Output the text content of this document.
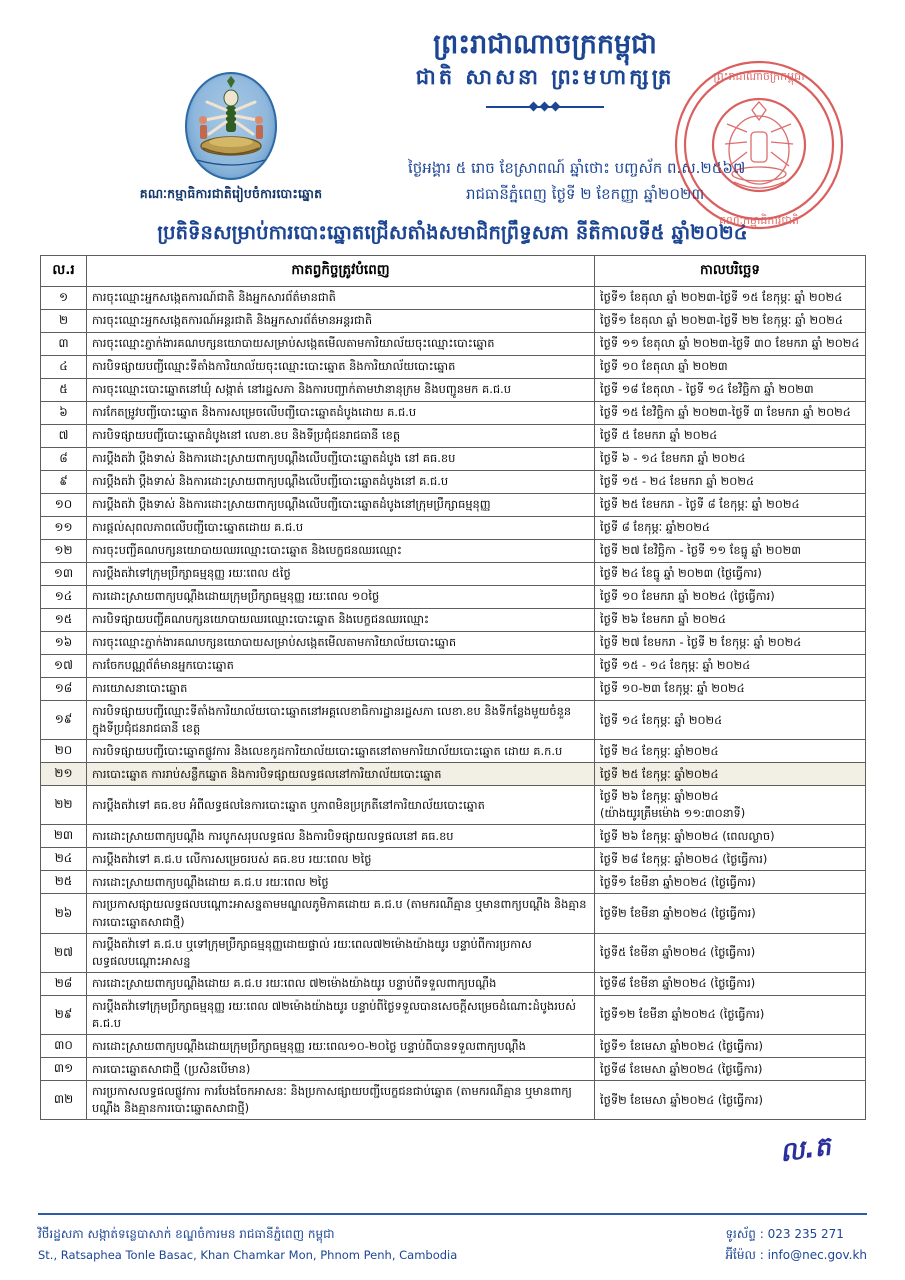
គណៈកម្មាធិការជាតិរៀបចំការបោះឆ្នោត
ព្រះរាជាណាចក្រកម្ពុជា
ជាតិ សាសនា ព្រះមហាក្សត្រ
ថ្ងៃអង្គារ ៥ រោច ខែស្រាពណ៍ ឆ្នាំថោះ បញ្ចស័ក ព.ស.២៥៦៧
រាជធានីភ្នំពេញ ថ្ងៃទី ២ ខែកញ្ញា ឆ្នាំ២០២៣
ព្រះរាជាណាចក្រកម្ពុជា
គណៈកម្មាធិការជាតិ
ប្រតិទិនសម្រាប់ការបោះឆ្នោតជ្រើសតាំងសមាជិកព្រឹទ្ធសភា នីតិកាលទី៥ ឆ្នាំ២០២៤
ល.រ	កាតព្វកិច្ចត្រូវបំពេញ	កាលបរិច្ឆេទ
១	ការចុះឈ្មោះអ្នកសង្កេតការណ៍ជាតិ និងអ្នកសារព័ត៌មានជាតិ	ថ្ងៃទី១ ខែតុលា ឆ្នាំ ២០២៣-ថ្ងៃទី ១៥ ខែកុម្ភៈ ឆ្នាំ ២០២៤
២	ការចុះឈ្មោះអ្នកសង្កេតការណ៍អន្តរជាតិ និងអ្នកសារព័ត៌មានអន្តរជាតិ	ថ្ងៃទី១ ខែតុលា ឆ្នាំ ២០២៣-ថ្ងៃទី ២២ ខែកុម្ភៈ ឆ្នាំ ២០២៤
៣	ការចុះឈ្មោះភ្នាក់ងារគណបក្សនយោបាយសម្រាប់សង្កេតមើលតាមការិយាល័យចុះឈ្មោះបោះឆ្នោត	ថ្ងៃទី ១១ ខែតុលា ឆ្នាំ ២០២៣-ថ្ងៃទី ៣០ ខែមករា ឆ្នាំ ២០២៤
៤	ការបិទផ្សាយបញ្ជីឈ្មោះទីតាំងការិយាល័យចុះឈ្មោះបោះឆ្នោត និងការិយាល័យបោះឆ្នោត	ថ្ងៃទី ១០ ខែតុលា ឆ្នាំ ២០២៣
៥	ការចុះឈ្មោះបោះឆ្នោតនៅឃុំ សង្កាត់ នៅរដ្ឋសភា និងការបញ្ជាក់តាមឋានានុក្រម និងបញ្ជូនមក គ.ជ.ប	ថ្ងៃទី ១៨ ខែតុលា - ថ្ងៃទី ១៤ ខែវិច្ឆិកា ឆ្នាំ ២០២៣
៦	ការកែតម្រូវបញ្ជីបោះឆ្នោត និងការសម្រេចលើបញ្ជីបោះឆ្នោតដំបូងដោយ គ.ជ.ប	ថ្ងៃទី ១៥ ខែវិច្ឆិកា ឆ្នាំ ២០២៣-ថ្ងៃទី ៣ ខែមករា ឆ្នាំ ២០២៤
៧	ការបិទផ្សាយបញ្ជីបោះឆ្នោតដំបូងនៅ លេខា.ខប និងទីប្រជុំជនរាជធានី ខេត្ត	ថ្ងៃទី ៥ ខែមករា ឆ្នាំ ២០២៤
៨	ការប្តឹងតវ៉ា ប្តឹងទាស់ និងការដោះស្រាយពាក្យបណ្តឹងលើបញ្ជីបោះឆ្នោតដំបូង នៅ គធ.ខប	ថ្ងៃទី ៦ - ១៤ ខែមករា ឆ្នាំ ២០២៤
៩	ការប្តឹងតវ៉ា ប្តឹងទាស់ និងការដោះស្រាយពាក្យបណ្តឹងលើបញ្ជីបោះឆ្នោតដំបូងនៅ គ.ជ.ប	ថ្ងៃទី ១៥ - ២៤ ខែមករា ឆ្នាំ ២០២៤
១០	ការប្តឹងតវ៉ា ប្តឹងទាស់ និងការដោះស្រាយពាក្យបណ្តឹងលើបញ្ជីបោះឆ្នោតដំបូងនៅក្រុមប្រឹក្សាធម្មនុញ្ញ	ថ្ងៃទី ២៥ ខែមករា - ថ្ងៃទី ៨ ខែកុម្ភៈ ឆ្នាំ ២០២៤
១១	ការផ្តល់សុពលភាពលើបញ្ជីបោះឆ្នោតដោយ គ.ជ.ប	ថ្ងៃទី ៨ ខែកុម្ភៈ ឆ្នាំ២០២៤
១២	ការចុះបញ្ជីគណបក្សនយោបាយឈរឈ្មោះបោះឆ្នោត និងបេក្ខជនឈរឈ្មោះ	ថ្ងៃទី ២៧ ខែវិច្ឆិកា - ថ្ងៃទី ១១ ខែធ្នូ ឆ្នាំ ២០២៣
១៣	ការប្តឹងតវ៉ាទៅក្រុមប្រឹក្សាធម្មនុញ្ញ រយៈពេល ៥ថ្ងៃ	ថ្ងៃទី ២៤ ខែធ្នូ ឆ្នាំ ២០២៣ (ថ្ងៃធ្វើការ)
១៤	ការដោះស្រាយពាក្យបណ្តឹងដោយក្រុមប្រឹក្សាធម្មនុញ្ញ រយៈពេល ១០ថ្ងៃ	ថ្ងៃទី ១០ ខែមករា ឆ្នាំ ២០២៤ (ថ្ងៃធ្វើការ)
១៥	ការបិទផ្សាយបញ្ជីគណបក្សនយោបាយឈរឈ្មោះបោះឆ្នោត និងបេក្ខជនឈរឈ្មោះ	ថ្ងៃទី ២៦ ខែមករា ឆ្នាំ ២០២៤
១៦	ការចុះឈ្មោះភ្នាក់ងារគណបក្សនយោបាយសម្រាប់សង្កេតមើលតាមការិយាល័យបោះឆ្នោត	ថ្ងៃទី ២៧ ខែមករា - ថ្ងៃទី ២ ខែកុម្ភៈ ឆ្នាំ ២០២៤
១៧	ការចែកបណ្ណព័ត៌មានអ្នកបោះឆ្នោត	ថ្ងៃទី ១៥ - ១៤ ខែកុម្ភៈ ឆ្នាំ ២០២៤
១៨	ការយោសនាបោះឆ្នោត	ថ្ងៃទី ១០-២៣ ខែកុម្ភៈ ឆ្នាំ ២០២៤
១៩	ការបិទផ្សាយបញ្ជីឈ្មោះទីតាំងការិយាល័យបោះឆ្នោតនៅអគ្គលេខាធិការដ្ឋានរដ្ឋសភា លេខា.ខប និងទីកន្លែងមួយចំនួនក្នុងទីប្រជុំជនរាជធានី ខេត្ត	ថ្ងៃទី ១៤ ខែកុម្ភៈ ឆ្នាំ ២០២៤
២០	ការបិទផ្សាយបញ្ជីបោះឆ្នោតផ្លូវការ និងលេខកូដការិយាល័យបោះឆ្នោតនៅតាមការិយាល័យបោះឆ្នោត ដោយ គ.ក.ប	ថ្ងៃទី ២៤ ខែកុម្ភៈ ឆ្នាំ២០២៤
២១	ការបោះឆ្នោត ការរាប់សន្លឹកឆ្នោត និងការបិទផ្សាយលទ្ធផលនៅការិយាល័យបោះឆ្នោត	ថ្ងៃទី ២៥ ខែកុម្ភៈ ឆ្នាំ២០២៤
២២	ការប្តឹងតវ៉ាទៅ គធ.ខប អំពីលទ្ធផលនៃការបោះឆ្នោត ឬភាពមិនប្រក្រតីនៅការិយាល័យបោះឆ្នោត	ថ្ងៃទី ២៦ ខែកុម្ភៈ ឆ្នាំ២០២៤
(យ៉ាងយូរត្រឹមម៉ោង ១១:៣០នាទី)

២៣	ការដោះស្រាយពាក្យបណ្តឹង ការបូកសរុបលទ្ធផល និងការបិទផ្សាយលទ្ធផលនៅ គធ.ខប	ថ្ងៃទី ២៦ ខែកុម្ភៈ ឆ្នាំ២០២៤ (ពេលល្ងាច)
២៤	ការប្តឹងតវ៉ាទៅ គ.ជ.ប លើការសម្រេចរបស់ គធ.ខប រយៈពេល ២ថ្ងៃ	ថ្ងៃទី ២៨ ខែកុម្ភៈ ឆ្នាំ២០២៤ (ថ្ងៃធ្វើការ)
២៥	ការដោះស្រាយពាក្យបណ្តឹងដោយ គ.ជ.ប រយៈពេល ២ថ្ងៃ	ថ្ងៃទី១ ខែមីនា ឆ្នាំ២០២៤ (ថ្ងៃធ្វើការ)
២៦	ការប្រកាសផ្សាយលទ្ធផលបណ្តោះអាសន្នតាមមណ្ឌលភូមិភាគដោយ គ.ជ.ប (តាមករណីគ្មាន ឬមានពាក្យបណ្តឹង និងគ្មានការបោះឆ្នោតសាជាថ្មី)	ថ្ងៃទី២ ខែមីនា ឆ្នាំ២០២៤ (ថ្ងៃធ្វើការ)
២៧	ការប្តឹងតវ៉ាទៅ គ.ជ.ប ឬទៅក្រុមប្រឹក្សាធម្មនុញ្ញដោយផ្ទាល់ រយៈពេល៧២ម៉ោងយ៉ាងយូរ បន្ទាប់ពីការប្រកាសលទ្ធផលបណ្តោះអាសន្ន	ថ្ងៃទី៥ ខែមីនា ឆ្នាំ២០២៤ (ថ្ងៃធ្វើការ)
២៨	ការដោះស្រាយពាក្យបណ្តឹងដោយ គ.ជ.ប រយៈពេល ៧២ម៉ោងយ៉ាងយូរ បន្ទាប់ពីទទួលពាក្យបណ្តឹង	ថ្ងៃទី៨ ខែមីនា ឆ្នាំ២០២៤ (ថ្ងៃធ្វើការ)
២៩	ការប្តឹងតវ៉ាទៅក្រុមប្រឹក្សាធម្មនុញ្ញ រយៈពេល ៧២ម៉ោងយ៉ាងយូរ បន្ទាប់ពីថ្ងៃទទួលបានសេចក្តីសម្រេចដំណោះដំបូងរបស់ គ.ជ.ប	ថ្ងៃទី១២ ខែមីនា ឆ្នាំ២០២៤ (ថ្ងៃធ្វើការ)
៣០	ការដោះស្រាយពាក្យបណ្តឹងដោយក្រុមប្រឹក្សាធម្មនុញ្ញ រយៈពេល១០-២០ថ្ងៃ បន្ទាប់ពីបានទទួលពាក្យបណ្តឹង	ថ្ងៃទី១ ខែមេសា ឆ្នាំ២០២៤ (ថ្ងៃធ្វើការ)
៣១	ការបោះឆ្នោតសាជាថ្មី (ប្រសិនបើមាន)	ថ្ងៃទី៨ ខែមេសា ឆ្នាំ២០២៤ (ថ្ងៃធ្វើការ)
៣២	ការប្រកាសលទ្ធផលផ្លូវការ ការបែងចែកអាសនៈ និងប្រកាសផ្សាយបញ្ជីបេក្ខជនជាប់ឆ្នោត (តាមករណីគ្មាន ឬមានពាក្យបណ្តឹង និងគ្មានការបោះឆ្នោតសាជាថ្មី)	ថ្ងៃទី២ ខែមេសា ឆ្នាំ២០២៤ (ថ្ងៃធ្វើការ)
ល.ត
វិថីរដ្ឋសភា សង្កាត់ទន្លេបាសាក់ ខណ្ឌចំការមន រាជធានីភ្នំពេញ កម្ពុជា
St., Ratsaphea Tonle Basac, Khan Chamkar Mon, Phnom Penh, Cambodia
ទូរស័ព្ទ : 023 235 271
អ៊ីម៉ែល : info@nec.gov.kh
